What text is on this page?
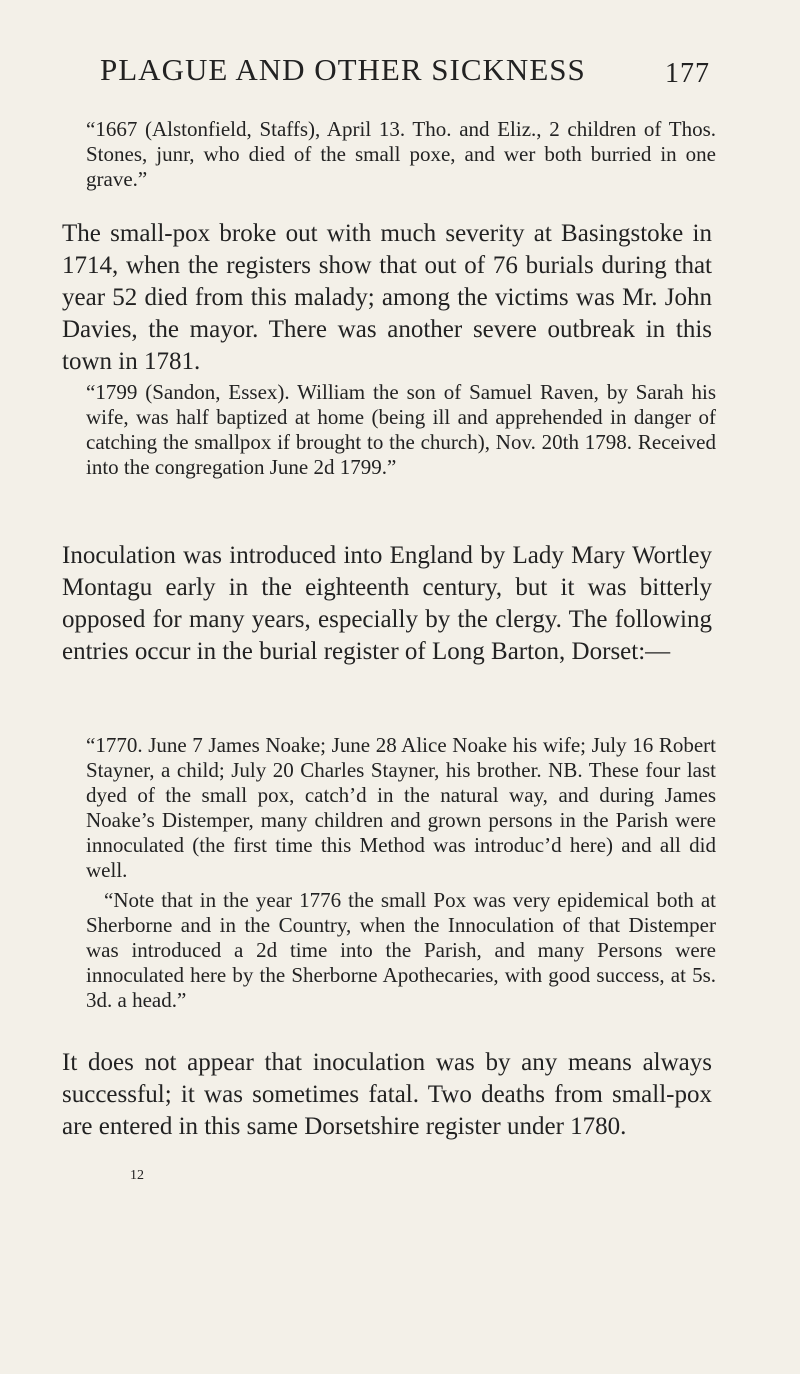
PLAGUE AND OTHER SICKNESS	177
“1667 (Alstonfield, Staffs), April 13. Tho. and Eliz., 2 children of Thos. Stones, junr, who died of the small poxe, and wer both burried in one grave.”
The small-pox broke out with much severity at Basingstoke in 1714, when the registers show that out of 76 burials during that year 52 died from this malady; among the victims was Mr. John Davies, the mayor. There was another severe outbreak in this town in 1781.
“1799 (Sandon, Essex). William the son of Samuel Raven, by Sarah his wife, was half baptized at home (being ill and apprehended in danger of catching the smallpox if brought to the church), Nov. 20th 1798. Received into the congregation June 2d 1799.”
Inoculation was introduced into England by Lady Mary Wortley Montagu early in the eighteenth century, but it was bitterly opposed for many years, especially by the clergy. The following entries occur in the burial register of Long Barton, Dorset:—
“1770. June 7 James Noake; June 28 Alice Noake his wife; July 16 Robert Stayner, a child; July 20 Charles Stayner, his brother. NB. These four last dyed of the small pox, catch’d in the natural way, and during James Noake’s Distemper, many children and grown persons in the Parish were innoculated (the first time this Method was introduc’d here) and all did well.
“Note that in the year 1776 the small Pox was very epidemical both at Sherborne and in the Country, when the Innoculation of that Distemper was introduced a 2d time into the Parish, and many Persons were innoculated here by the Sherborne Apothecaries, with good success, at 5s. 3d. a head.”
It does not appear that inoculation was by any means always successful; it was sometimes fatal. Two deaths from small-pox are entered in this same Dorsetshire register under 1780.
12
